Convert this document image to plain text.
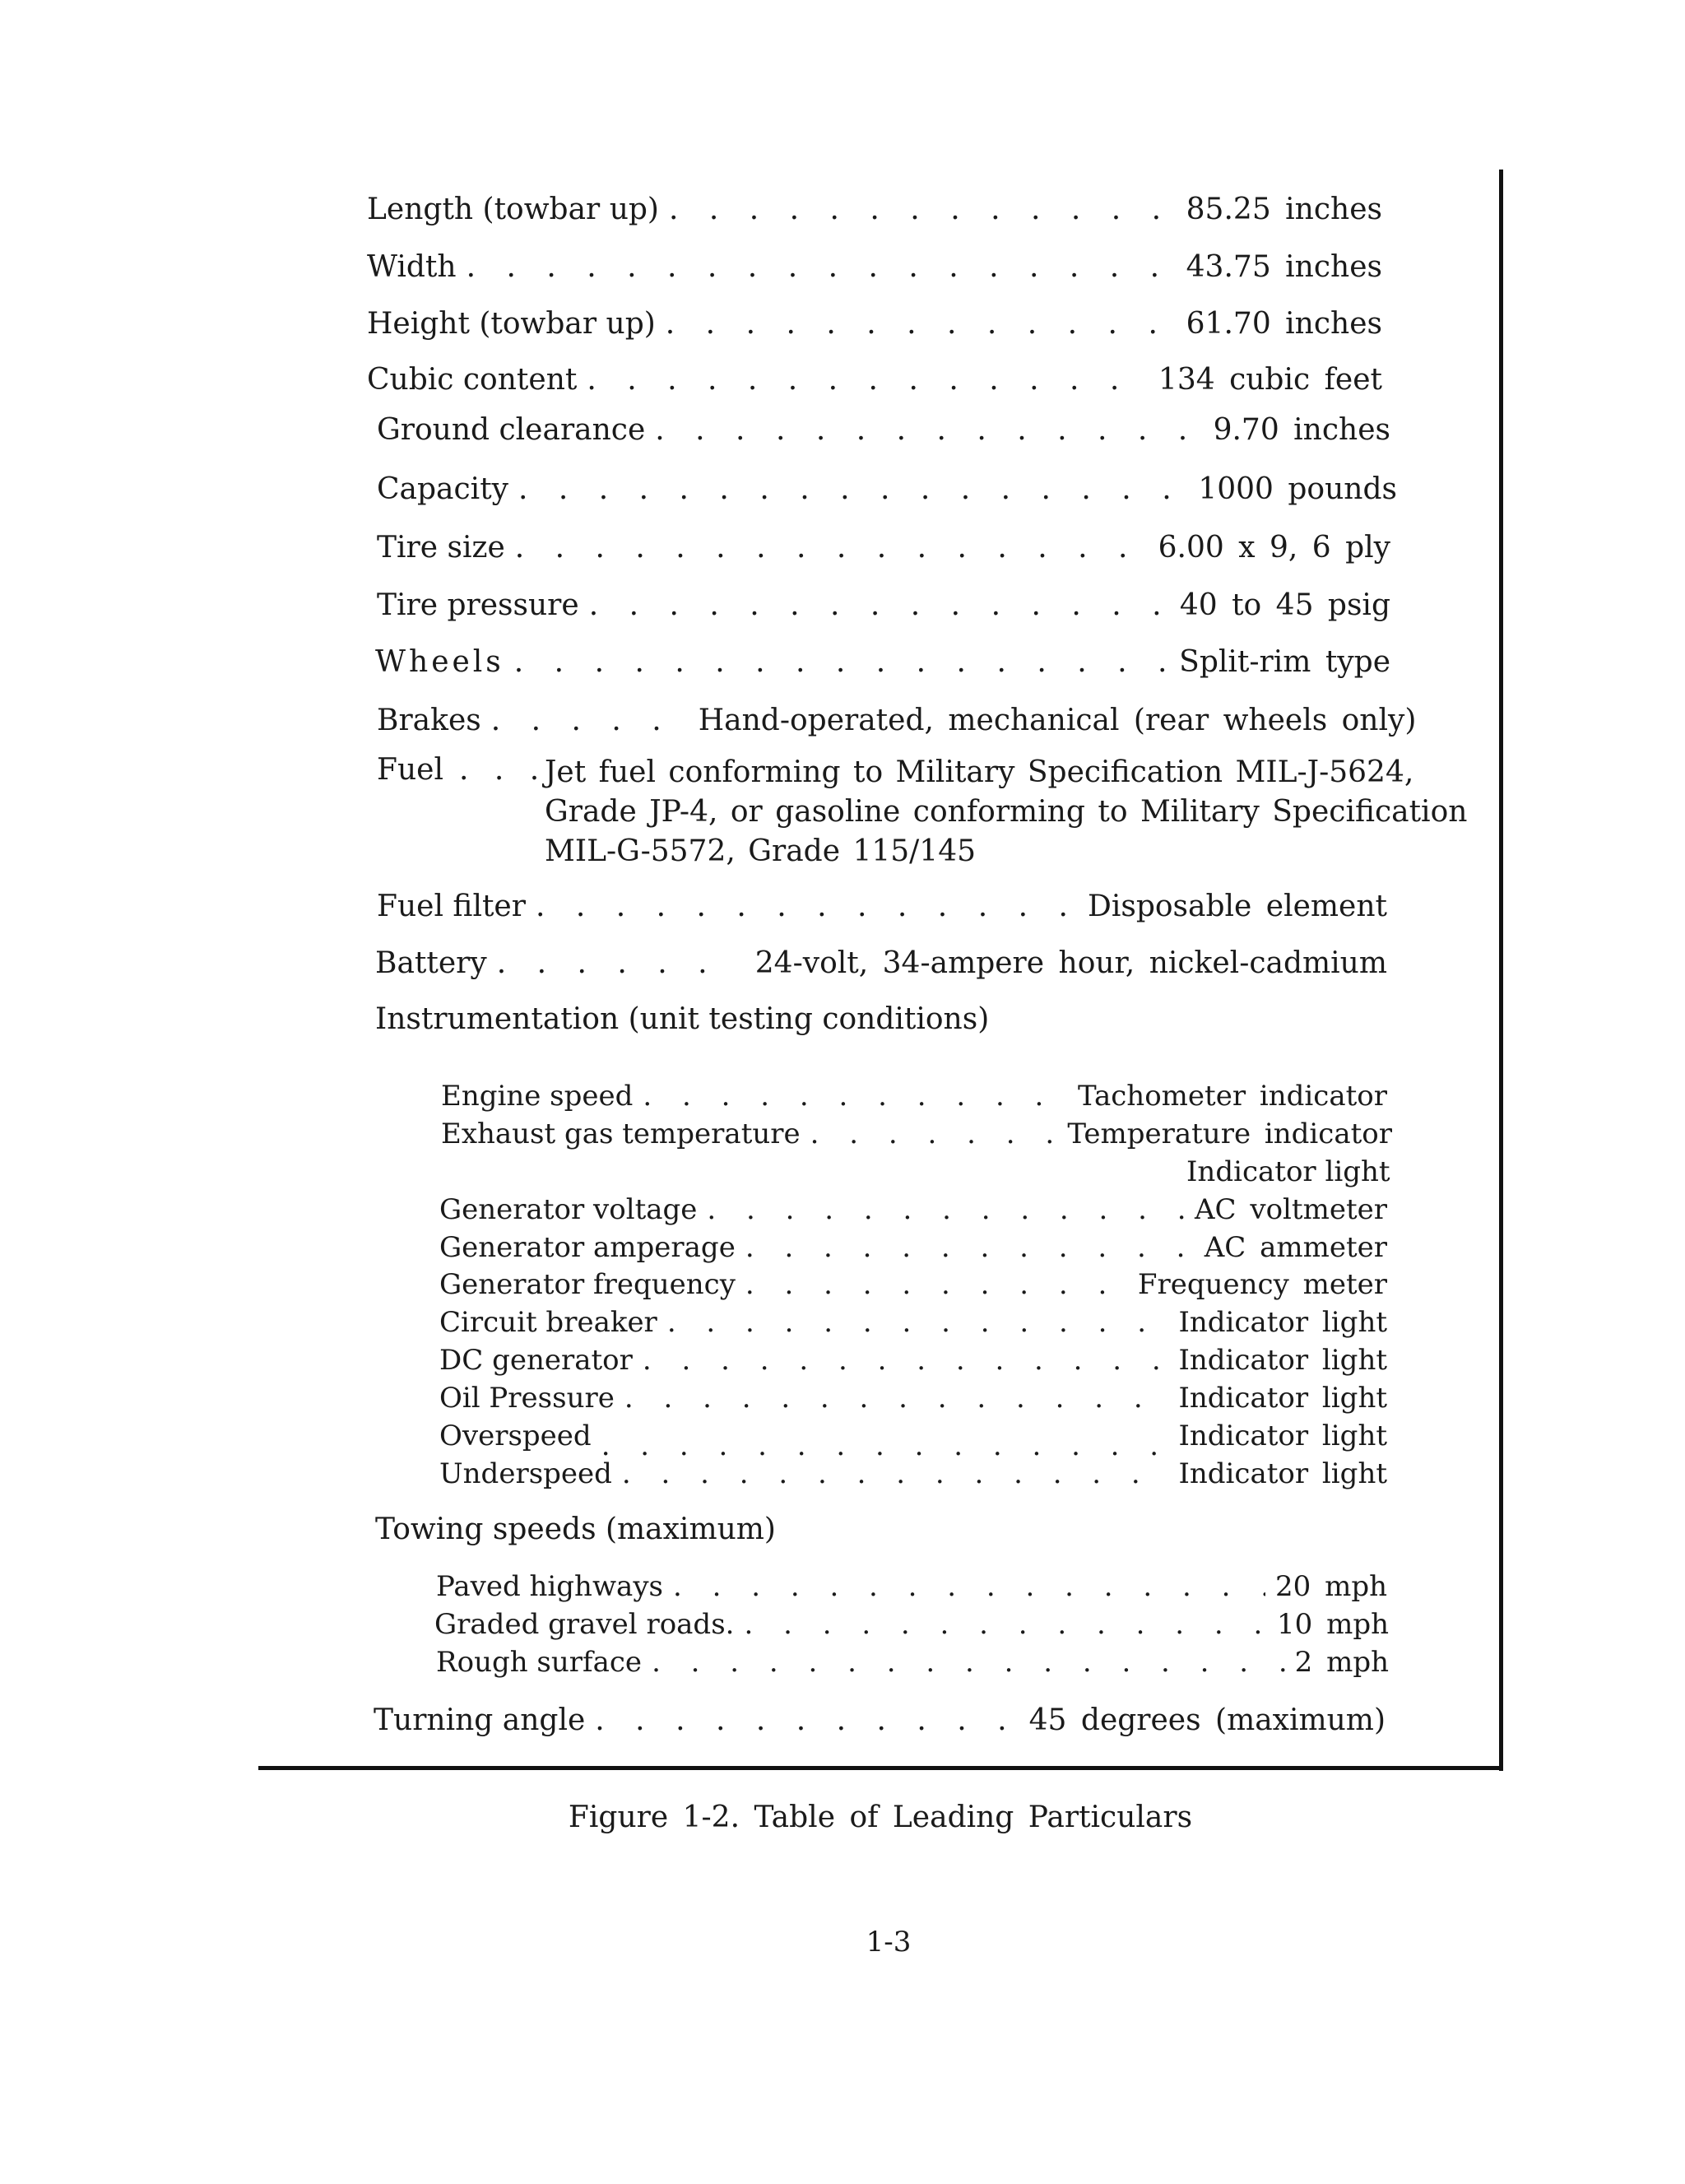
Length (towbar up) . . .	85.25 inches
Width . . .	43.75 inches
Height (towbar up) . . .	61.70 inches
Cubic content . . .	134 cubic feet
Ground clearance . . .	9.70 inches
Capacity . . .	1000 pounds
Tire size . . .	6.00 x 9, 6 ply
Tire pressure . . .	40 to 45 psig
Wheels . . .	Split-rim type
Brakes . . .	Hand-operated, mechanical (rear wheels only)
Fuel . . .
Jet fuel conforming to Military Specification MIL-J-5624,
Grade JP-4, or gasoline conforming to Military Specification
MIL-G-5572, Grade 115/145
Fuel filter . . .	Disposable element
Battery . . .	24-volt, 34-ampere hour, nickel-cadmium
Instrumentation (unit testing conditions)
Engine speed . . .	Tachometer indicator
Exhaust gas temperature . . .	Temperature indicator
Indicator light
Generator voltage . . .	AC voltmeter
Generator amperage . . .	AC ammeter
Generator frequency . . .	Frequency meter
Circuit breaker . . .	Indicator light
DC generator . . .	Indicator light
Oil Pressure . . .	Indicator light
Overspeed . . .	Indicator light
Underspeed . . .	Indicator light
Towing speeds (maximum)
Paved highways . . .	20 mph
Graded gravel roads. . . .	10 mph
Rough surface . . .	2 mph
Turning angle . . .	45 degrees (maximum)
Figure 1-2. Table of Leading Particulars
1-3
